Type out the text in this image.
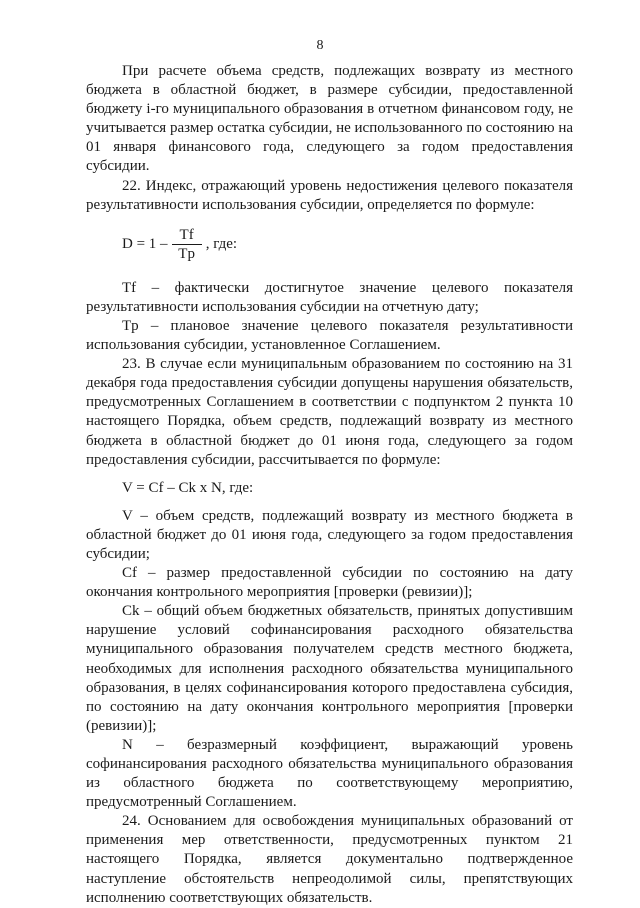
8

При расчете объема средств, подлежащих возврату из местного бюджета в областной бюджет, в размере субсидии, предоставленной бюджету i-го муниципального образования в отчетном финансовом году, не учитывается размер остатка субсидии, не использованного по состоянию на 01 января финансового года, следующего за годом предоставления субсидии.

22. Индекс, отражающий уровень недостижения целевого показателя результативности использования субсидии, определяется по формуле:

$D = 1 - \frac{Tf}{Tp}$ , где:

Tf – фактически достигнутое значение целевого показателя результативности использования субсидии на отчетную дату;

Tp – плановое значение целевого показателя результативности использования субсидии, установленное Соглашением.

23. В случае если муниципальным образованием по состоянию на 31 декабря года предоставления субсидии допущены нарушения обязательств, предусмотренных Соглашением в соответствии с подпунктом 2 пункта 10 настоящего Порядка, объем средств, подлежащий возврату из местного бюджета в областной бюджет до 01 июня года, следующего за годом предоставления субсидии, рассчитывается по формуле:

V = Cf – Ck x N, где:

V – объем средств, подлежащий возврату из местного бюджета в областной бюджет до 01 июня года, следующего за годом предоставления субсидии;

Cf – размер предоставленной субсидии по состоянию на дату окончания контрольного мероприятия [проверки (ревизии)];

Ck – общий объем бюджетных обязательств, принятых допустившим нарушение условий софинансирования расходного обязательства муниципального образования получателем средств местного бюджета, необходимых для исполнения расходного обязательства муниципального образования, в целях софинансирования которого предоставлена субсидия, по состоянию на дату окончания контрольного мероприятия [проверки (ревизии)];

N – безразмерный коэффициент, выражающий уровень софинансирования расходного обязательства муниципального образования из областного бюджета по соответствующему мероприятию, предусмотренный Соглашением.

24. Основанием для освобождения муниципальных образований от применения мер ответственности, предусмотренных пунктом 21 настоящего Порядка, является документально подтвержденное наступление обстоятельств непреодолимой силы, препятствующих исполнению соответствующих обязательств.
